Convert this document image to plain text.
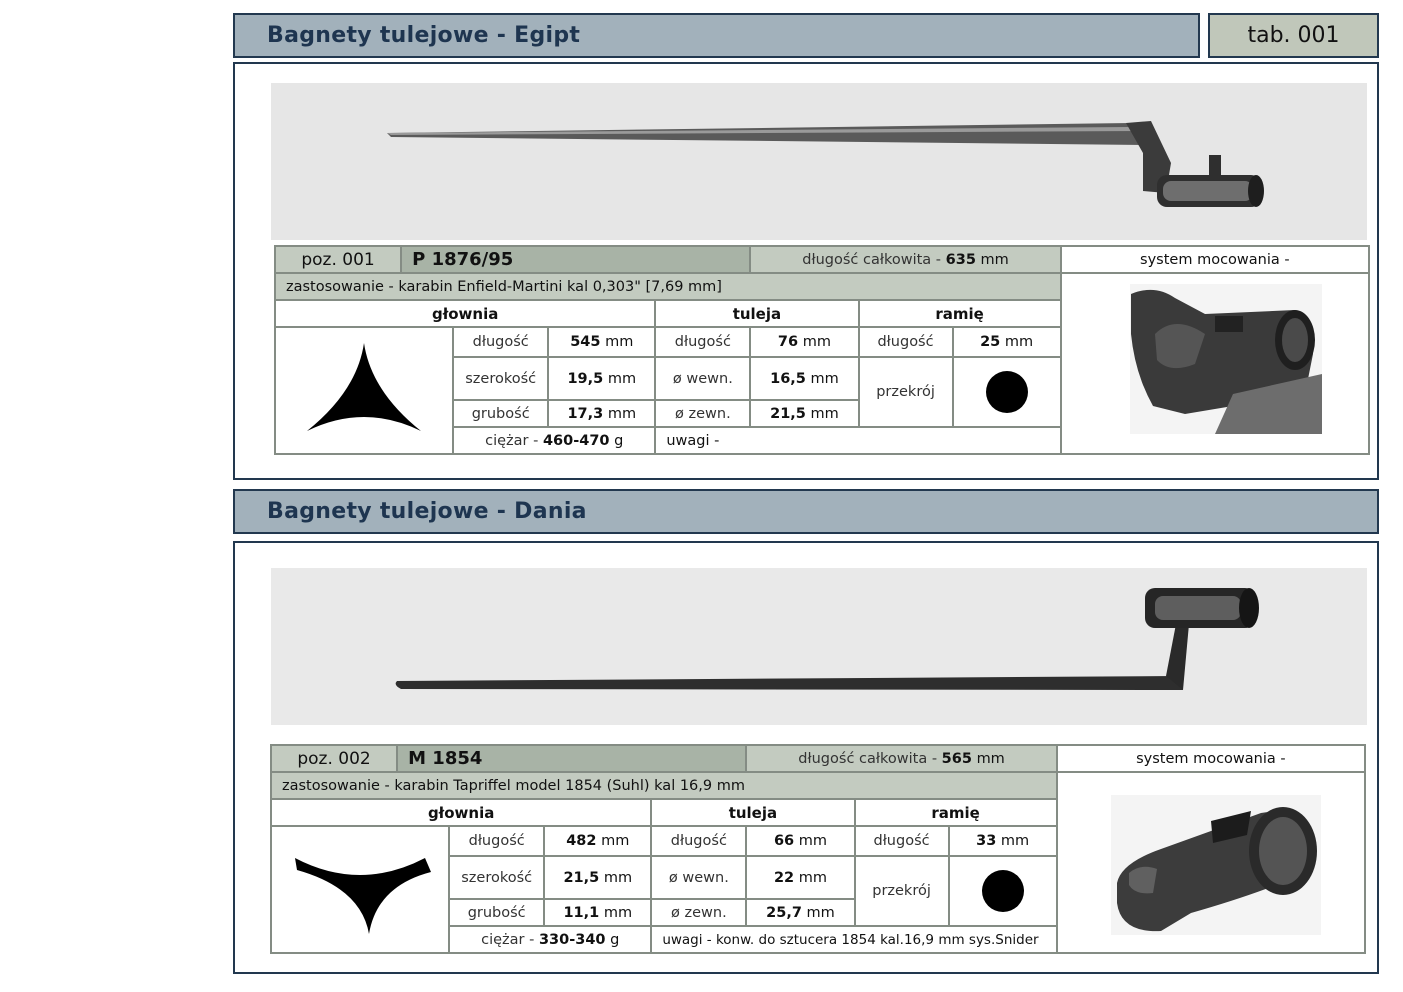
Bagnety tulejowe - Egipt	tab. 001
poz. 001	P 1876/95				długość całkowita - 635 mm			system mocowania -
zastosowanie - karabin Enfield-Martini kal 0,303" [7,69 mm]	
głownia				tuleja		ramię		
	długość	545 mm	długość	76 mm	długość	25 mm	
		szerokość	19,5 mm	ø wewn.	16,5 mm	przekrój		
		grubość	17,3 mm	ø zewn.	21,5 mm			
		ciężar - 460-470 g		uwagi -				
Bagnety tulejowe - Dania
poz. 002	M 1854				długość całkowita - 565 mm			system mocowania -
zastosowanie - karabin Tapriffel model 1854 (Suhl) kal 16,9 mm	
głownia				tuleja		ramię		
	długość	482 mm	długość	66 mm	długość	33 mm	
		szerokość	21,5 mm	ø wewn.	22 mm	przekrój		
		grubość	11,1 mm	ø zewn.	25,7 mm			
		ciężar - 330-340 g		uwagi - konw. do sztucera 1854 kal.16,9 mm sys.Snider				
